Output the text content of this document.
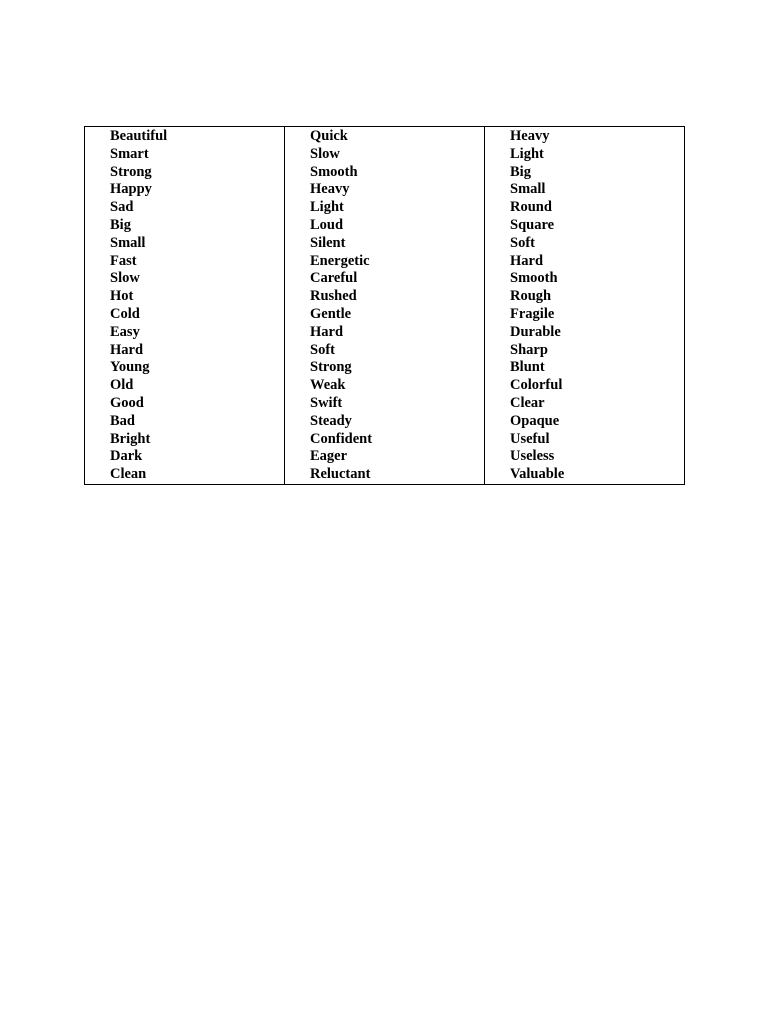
Beautiful
Smart
Strong
Happy
Sad
Big
Small
Fast
Slow
Hot
Cold
Easy
Hard
Young
Old
Good
Bad
Bright
Dark
Clean
Quick
Slow
Smooth
Heavy
Light
Loud
Silent
Energetic
Careful
Rushed
Gentle
Hard
Soft
Strong
Weak
Swift
Steady
Confident
Eager
Reluctant
Heavy
Light
Big
Small
Round
Square
Soft
Hard
Smooth
Rough
Fragile
Durable
Sharp
Blunt
Colorful
Clear
Opaque
Useful
Useless
Valuable
